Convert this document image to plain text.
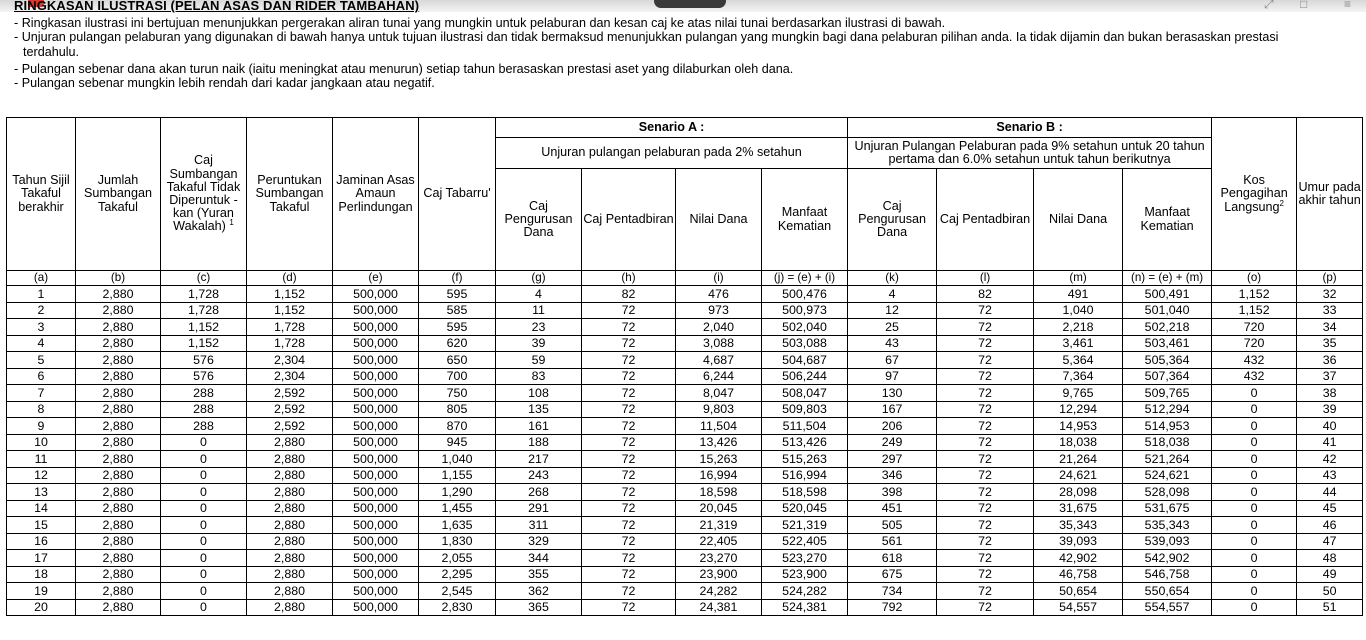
⤢ □	≡
RINGKASAN ILUSTRASI (PELAN ASAS DAN RIDER TAMBAHAN)
- Ringkasan ilustrasi ini bertujuan menunjukkan pergerakan aliran tunai yang mungkin untuk pelaburan dan kesan caj ke atas nilai tunai berdasarkan ilustrasi di bawah.
- Unjuran pulangan pelaburan yang digunakan di bawah hanya untuk tujuan ilustrasi dan tidak bermaksud menunjukkan pulangan yang mungkin bagi dana pelaburan pilihan anda. Ia tidak dijamin dan bukan berasaskan prestasi
terdahulu.
- Pulangan sebenar dana akan turun naik (iaitu meningkat atau menurun) setiap tahun berasaskan prestasi aset yang dilaburkan oleh dana.
- Pulangan sebenar mungkin lebih rendah dari kadar jangkaan atau negatif.
Tahun Sijil Takaful berakhir	Jumlah Sumbangan Takaful	Caj Sumbangan Takaful Tidak Diperuntuk - kan (Yuran Wakalah) $^1$	Peruntukan Sumbangan Takaful	Jaminan Asas Amaun Perlindungan	Caj Tabarru'	Senario A :				Senario B :				Kos Pengagihan Langsung$^2$	Umur pada akhir tahun
						Unjuran pulangan pelaburan pada 2% setahun				Unjuran Pulangan Pelaburan pada 9% setahun untuk 20 tahun pertama dan 6.0% setahun untuk tahun berikutnya					
						Caj Pengurusan Dana	Caj Pentadbiran	Nilai Dana	Manfaat Kematian	Caj Pengurusan Dana	Caj Pentadbiran	Nilai Dana	Manfaat Kematian		
(a)	(b)	(c)	(d)	(e)	(f)	(g)	(h)	(i)	(j) = (e) + (i)	(k)	(l)	(m)	(n) = (e) + (m)	(o)	(p)
1	2,880	1,728	1,152	500,000	595	4	82	476	500,476	4	82	491	500,491	1,152	32
2	2,880	1,728	1,152	500,000	585	11	72	973	500,973	12	72	1,040	501,040	1,152	33
3	2,880	1,152	1,728	500,000	595	23	72	2,040	502,040	25	72	2,218	502,218	720	34
4	2,880	1,152	1,728	500,000	620	39	72	3,088	503,088	43	72	3,461	503,461	720	35
5	2,880	576	2,304	500,000	650	59	72	4,687	504,687	67	72	5,364	505,364	432	36
6	2,880	576	2,304	500,000	700	83	72	6,244	506,244	97	72	7,364	507,364	432	37
7	2,880	288	2,592	500,000	750	108	72	8,047	508,047	130	72	9,765	509,765	0	38
8	2,880	288	2,592	500,000	805	135	72	9,803	509,803	167	72	12,294	512,294	0	39
9	2,880	288	2,592	500,000	870	161	72	11,504	511,504	206	72	14,953	514,953	0	40
10	2,880	0	2,880	500,000	945	188	72	13,426	513,426	249	72	18,038	518,038	0	41
11	2,880	0	2,880	500,000	1,040	217	72	15,263	515,263	297	72	21,264	521,264	0	42
12	2,880	0	2,880	500,000	1,155	243	72	16,994	516,994	346	72	24,621	524,621	0	43
13	2,880	0	2,880	500,000	1,290	268	72	18,598	518,598	398	72	28,098	528,098	0	44
14	2,880	0	2,880	500,000	1,455	291	72	20,045	520,045	451	72	31,675	531,675	0	45
15	2,880	0	2,880	500,000	1,635	311	72	21,319	521,319	505	72	35,343	535,343	0	46
16	2,880	0	2,880	500,000	1,830	329	72	22,405	522,405	561	72	39,093	539,093	0	47
17	2,880	0	2,880	500,000	2,055	344	72	23,270	523,270	618	72	42,902	542,902	0	48
18	2,880	0	2,880	500,000	2,295	355	72	23,900	523,900	675	72	46,758	546,758	0	49
19	2,880	0	2,880	500,000	2,545	362	72	24,282	524,282	734	72	50,654	550,654	0	50
20	2,880	0	2,880	500,000	2,830	365	72	24,381	524,381	792	72	54,557	554,557	0	51
